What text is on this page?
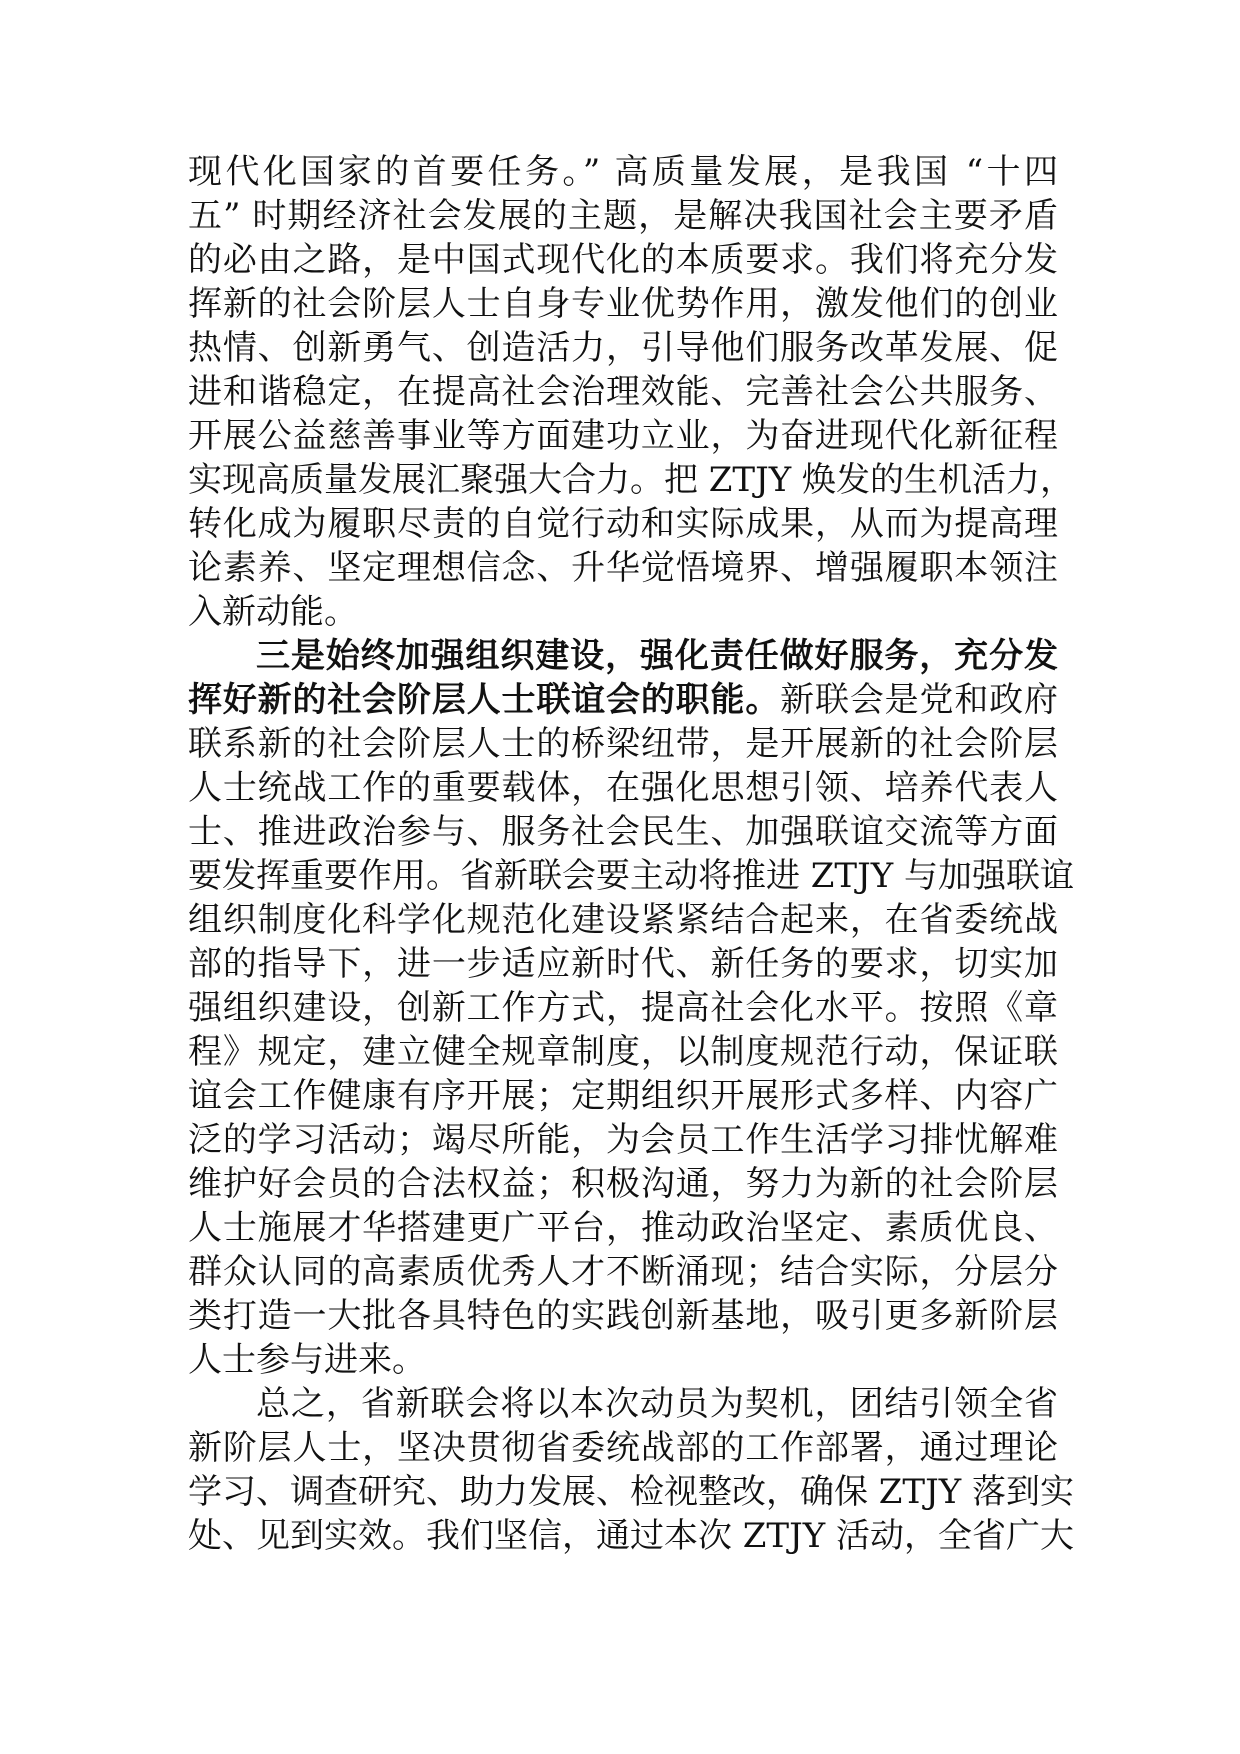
现代化国家的首要任务。” 高质量发展，是我国 “十四
五” 时期经济社会发展的主题，是解决我国社会主要矛盾
的必由之路，是中国式现代化的本质要求。我们将充分发
挥新的社会阶层人士自身专业优势作用，激发他们的创业
热情、创新勇气、创造活力，引导他们服务改革发展、促
进和谐稳定，在提高社会治理效能、完善社会公共服务、
开展公益慈善事业等方面建功立业，为奋进现代化新征程
实现高质量发展汇聚强大合力。把 ZTJY 焕发的生机活力，
转化成为履职尽责的自觉行动和实际成果，从而为提高理
论素养、坚定理想信念、升华觉悟境界、增强履职本领注
入新动能。
三是始终加强组织建设，强化责任做好服务，充分发
挥好新的社会阶层人士联谊会的职能。新联会是党和政府
联系新的社会阶层人士的桥梁纽带，是开展新的社会阶层
人士统战工作的重要载体，在强化思想引领、培养代表人
士、推进政治参与、服务社会民生、加强联谊交流等方面
要发挥重要作用。省新联会要主动将推进 ZTJY 与加强联谊
组织制度化科学化规范化建设紧紧结合起来，在省委统战
部的指导下，进一步适应新时代、新任务的要求，切实加
强组织建设，创新工作方式，提高社会化水平。按照《章
程》规定，建立健全规章制度，以制度规范行动，保证联
谊会工作健康有序开展；定期组织开展形式多样、内容广
泛的学习活动；竭尽所能，为会员工作生活学习排忧解难
维护好会员的合法权益；积极沟通，努力为新的社会阶层
人士施展才华搭建更广平台，推动政治坚定、素质优良、
群众认同的高素质优秀人才不断涌现；结合实际，分层分
类打造一大批各具特色的实践创新基地，吸引更多新阶层
人士参与进来。
总之，省新联会将以本次动员为契机，团结引领全省
新阶层人士，坚决贯彻省委统战部的工作部署，通过理论
学习、调查研究、助力发展、检视整改，确保 ZTJY 落到实
处、见到实效。我们坚信，通过本次 ZTJY 活动，全省广大
